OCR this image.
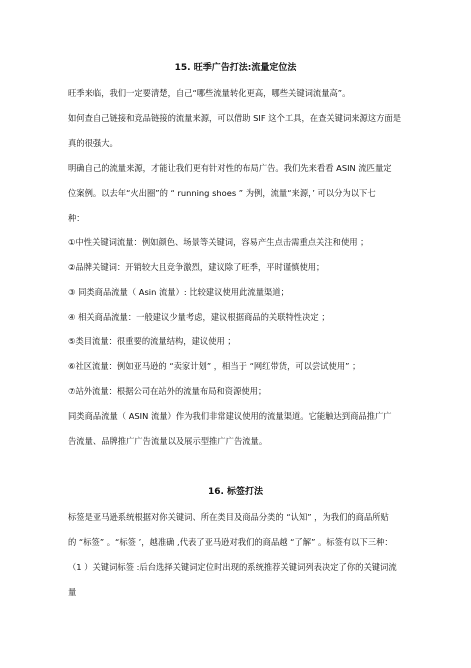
15. 旺季广告打法:流量定位法
旺季来临，我们一定要清楚，自己“哪些流量转化更高，哪些关键词流量高”。
如何查自己链接和竞品链接的流量来源，可以借助 SIF 这个工具，在查关键词来源这方面是
真的很强大。
明确自己的流量来源，才能让我们更有针对性的布局广告。我们先来看看 ASIN 流匹量定
位案例。以去年“火出圈”的 “ running shoes ” 为例，流量“来源，’ 可以分为以下七
种：
①中性关键词流量：例如颜色、场景等关键词，容易产生点击需重点关注和使用 ；
②品牌关键词：开销较大且竞争激烈，建议除了旺季，平时谨慎使用；
③ 同类商品流量（ Asin 流量）: 比较建议使用此流量渠道；
④ 相关商品流量：一般建议少量考虑，建议根据商品的关联特性决定 ；
⑤类目流量：很重要的流量结构，建议使用 ；
⑥社区流量：例如亚马逊的 “卖家计划” ，相当于 “网红带货，可以尝试使用” ；
⑦站外流量：根据公司在站外的流量布局和资源使用；
同类商品流量（ ASIN 流量）作为我们非常建议使用的流量渠道。它能触达到商品推广广
告流量、品牌推广广告流量以及展示型推广广告流量。
16. 标签打法
标签是亚马逊系统根据对你关键词、所在类目及商品分类的 “认知” ，为我们的商品所贴
的 “标签” 。“标签 ’，越准确 ,代表了亚马逊对我们的商品越 “了解” 。标签有以下三种：
（1 ）关键词标签 :后台选择关键词定位时出现的系统推荐关键词列表决定了你的关键词流
量
